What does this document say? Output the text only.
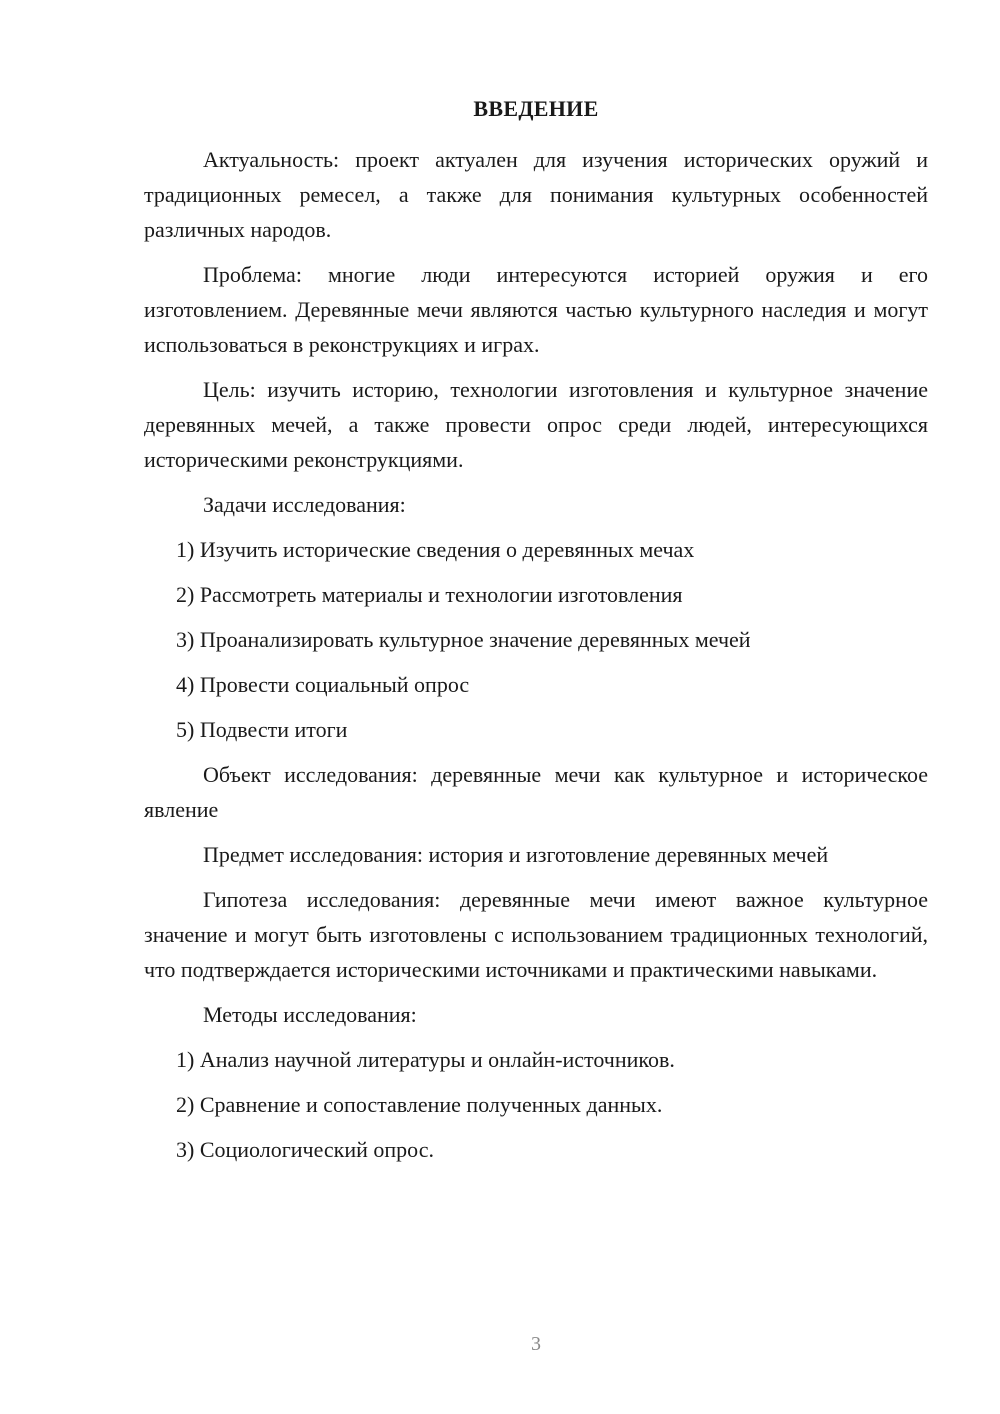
ВВЕДЕНИЕ

Актуальность: проект актуален для изучения исторических оружий и традиционных ремесел, а также для понимания культурных особенностей различных народов.

Проблема: многие люди интересуются историей оружия и его изготовлением. Деревянные мечи являются частью культурного наследия и могут использоваться в реконструкциях и играх.

Цель: изучить историю, технологии изготовления и культурное значение деревянных мечей, а также провести опрос среди людей, интересующихся историческими реконструкциями.

Задачи исследования:

1) Изучить исторические сведения о деревянных мечах

2) Рассмотреть материалы и технологии изготовления

3) Проанализировать культурное значение деревянных мечей

4) Провести социальный опрос

5) Подвести итоги

Объект исследования: деревянные мечи как культурное и историческое явление

Предмет исследования: история и изготовление деревянных мечей

Гипотеза исследования: деревянные мечи имеют важное культурное значение и могут быть изготовлены с использованием традиционных технологий, что подтверждается историческими источниками и практическими навыками.

Методы исследования:

1) Анализ научной литературы и онлайн-источников.

2) Сравнение и сопоставление полученных данных.

3) Социологический опрос.

3
